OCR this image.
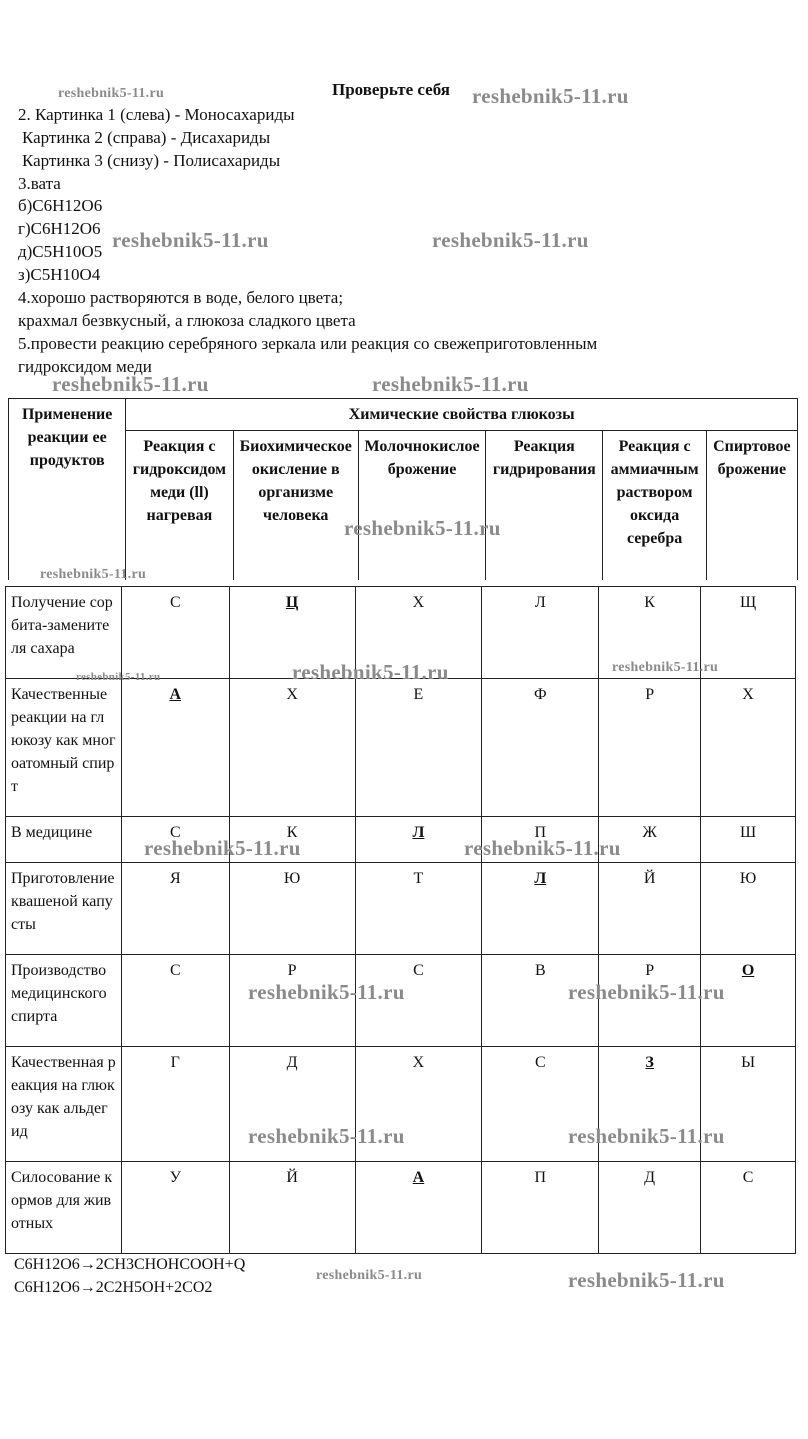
Проверьте себя
2. Картинка 1 (слева) - Моносахариды
Картинка 2 (справа) - Дисахариды
Картинка 3 (снизу) - Полисахариды
3.вата
б)C6H12O6
г)C6H12O6
д)C5H10O5
з)C5H10O4
4.хорошо растворяются в воде, белого цвета;
крахмал безвкусный, а глюкоза сладкого цвета
5.провести реакцию серебряного зеркала или реакция со свежеприготовленным
гидроксидом меди
Применение реакции ее продуктов	Химические свойства глюкозы					
	Реакция с гидроксидом меди (ll) нагревая	Биохимическое окисление в организме человека	Молочнокислое брожение	Реакция гидрирования	Реакция с аммиачным раствором оксида серебра	Спиртовое брожение
Получение сорбита-заменителя сахара	С	Ц	Х	Л	К	Щ
Качественные реакции на глюкозу как многоатомный спирт	А	Х	Е	Ф	Р	Х
В медицине	С	К	Л	П	Ж	Ш
Приготовление квашеной капусты	Я	Ю	Т	Л	Й	Ю
Производство медицинского спирта	С	Р	С	В	Р	О
Качественная реакция на глюкозу как альдегид	Г	Д	Х	С	З	Ы
Силосование кормов для животных	У	Й	А	П	Д	С
C6H12O6→2CH3CHOHCOOH+Q
C6H12O6→2C2H5OH+2CO2
reshebnik5-11.ru	reshebnik5-11.ru
reshebnik5-11.ru	reshebnik5-11.ru
reshebnik5-11.ru	reshebnik5-11.ru
reshebnik5-11.ru
reshebnik5-11.ru
reshebnik5-11.ru
reshebnik5-11.ru
reshebnik5-11.ru
reshebnik5-11.ru	reshebnik5-11.ru
reshebnik5-11.ru	reshebnik5-11.ru
reshebnik5-11.ru	reshebnik5-11.ru
reshebnik5-11.ru	reshebnik5-11.ru
